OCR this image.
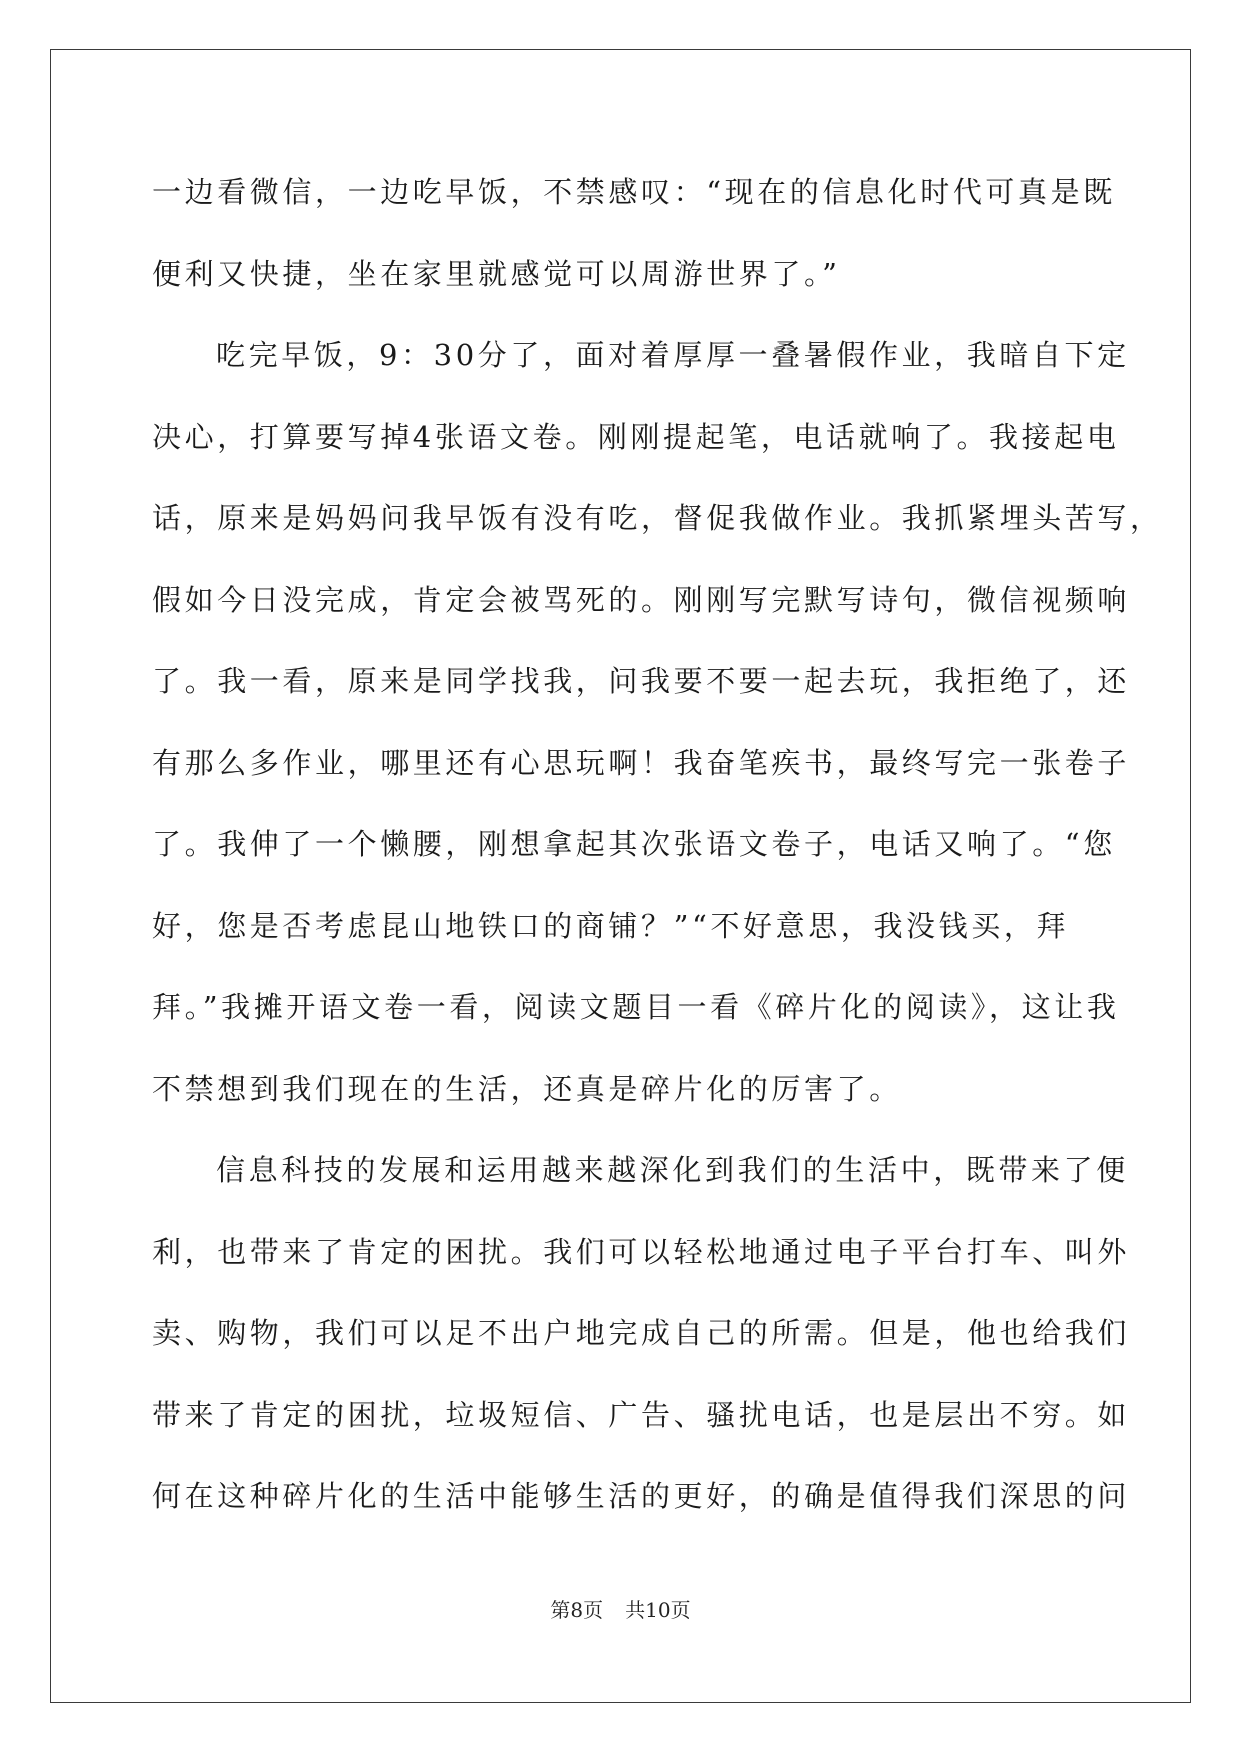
一边看微信，一边吃早饭，不禁感叹：“现在的信息化时代可真是既
便利又快捷，坐在家里就感觉可以周游世界了。”
吃完早饭，9：30分了，面对着厚厚一叠暑假作业，我暗自下定
决心，打算要写掉4张语文卷。刚刚提起笔，电话就响了。我接起电
话，原来是妈妈问我早饭有没有吃，督促我做作业。我抓紧埋头苦写，
假如今日没完成，肯定会被骂死的。刚刚写完默写诗句，微信视频响
了。我一看，原来是同学找我，问我要不要一起去玩，我拒绝了，还
有那么多作业，哪里还有心思玩啊！我奋笔疾书，最终写完一张卷子
了。我伸了一个懒腰，刚想拿起其次张语文卷子，电话又响了。“您
好，您是否考虑昆山地铁口的商铺？”“不好意思，我没钱买，拜
拜。”我摊开语文卷一看，阅读文题目一看《碎片化的阅读》，这让我
不禁想到我们现在的生活，还真是碎片化的厉害了。
信息科技的发展和运用越来越深化到我们的生活中，既带来了便
利，也带来了肯定的困扰。我们可以轻松地通过电子平台打车、叫外
卖、购物，我们可以足不出户地完成自己的所需。但是，他也给我们
带来了肯定的困扰，垃圾短信、广告、骚扰电话，也是层出不穷。如
何在这种碎片化的生活中能够生活的更好，的确是值得我们深思的问
第8页 共10页
